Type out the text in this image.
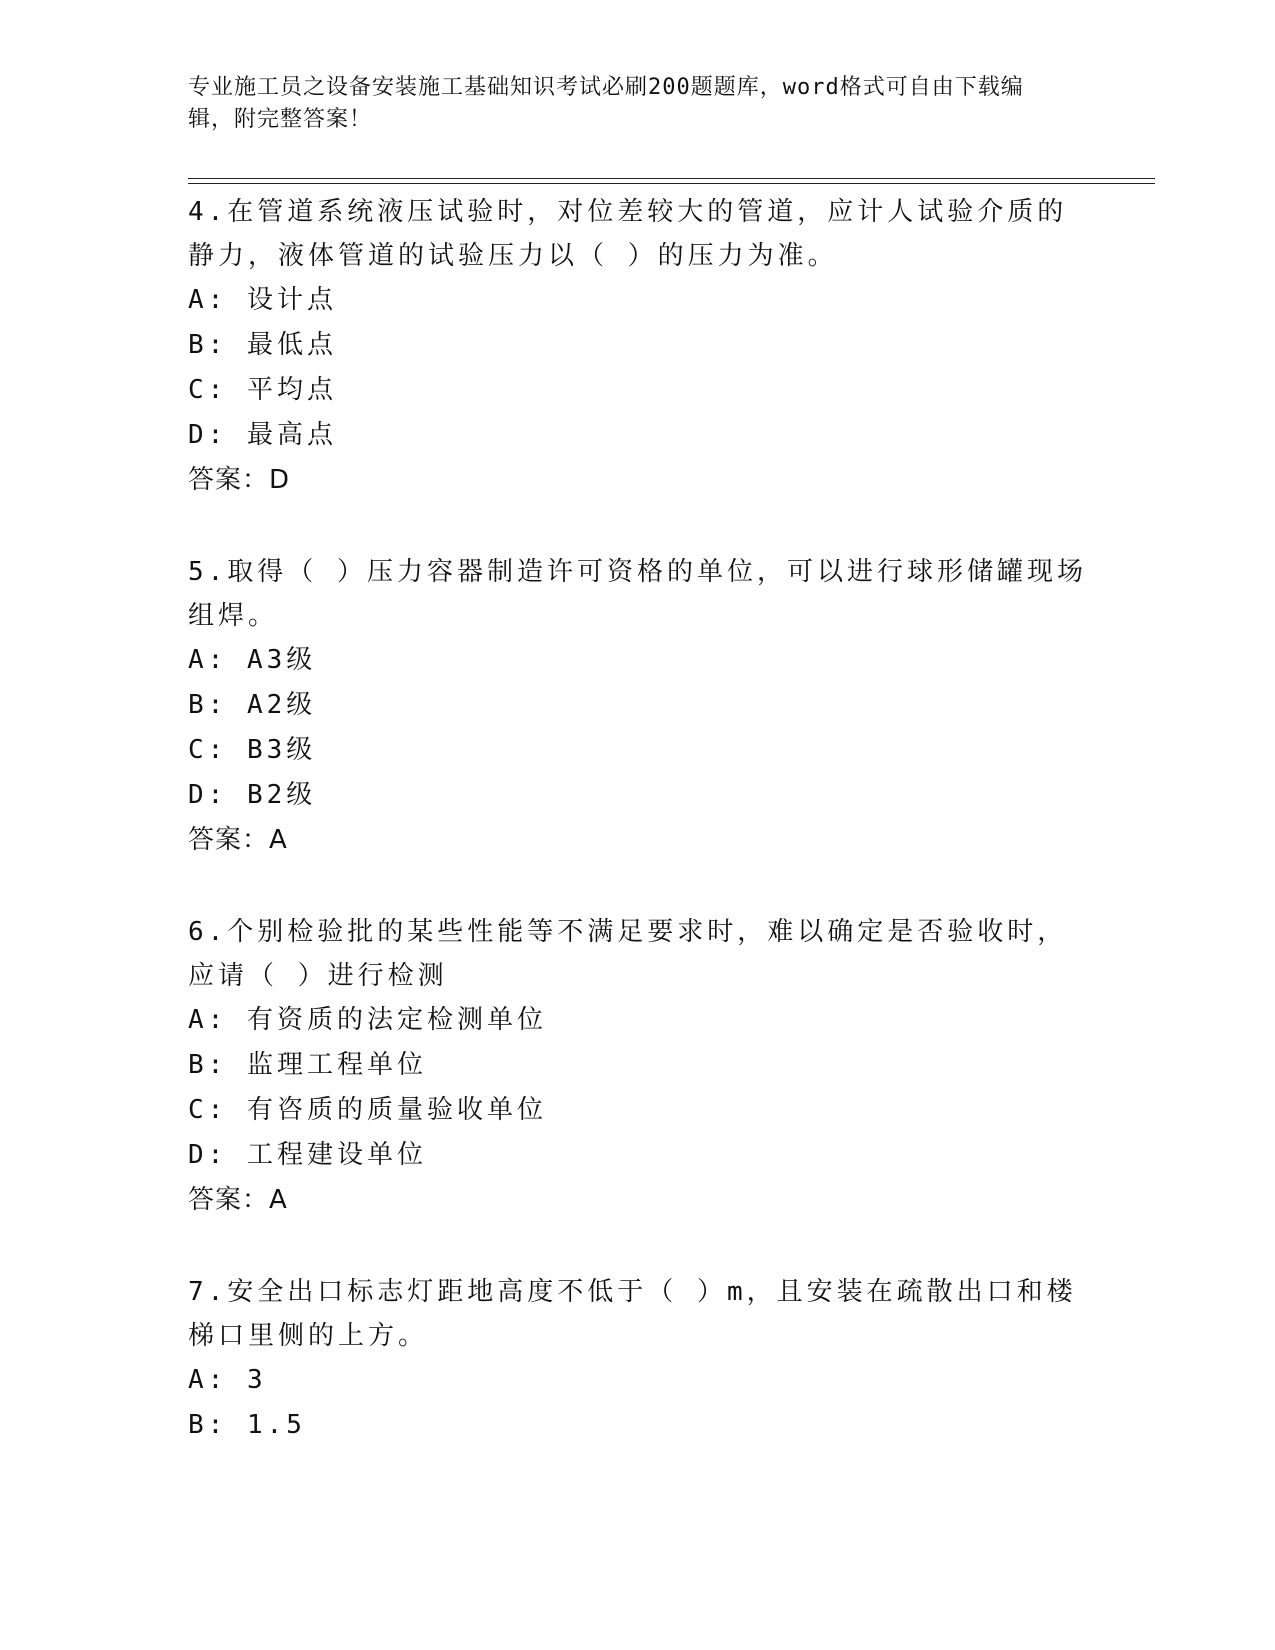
专业施工员之设备安装施工基础知识考试必刷200题题库，word格式可自由下载编辑，附完整答案！

4.在管道系统液压试验时，对位差较大的管道，应计人试验介质的静力，液体管道的试验压力以（ ）的压力为准。

A: 设计点

B: 最低点

C: 平均点

D: 最高点

答案：D

5.取得（ ）压力容器制造许可资格的单位，可以进行球形储罐现场组焊。

A: A3级

B: A2级

C: B3级

D: B2级

答案：A

6.个别检验批的某些性能等不满足要求时，难以确定是否验收时，应请（ ）进行检测

A: 有资质的法定检测单位

B: 监理工程单位

C: 有咨质的质量验收单位

D: 工程建设单位

答案：A

7.安全出口标志灯距地高度不低于（ ）m，且安装在疏散出口和楼梯口里侧的上方。

A: 3

B: 1.5
